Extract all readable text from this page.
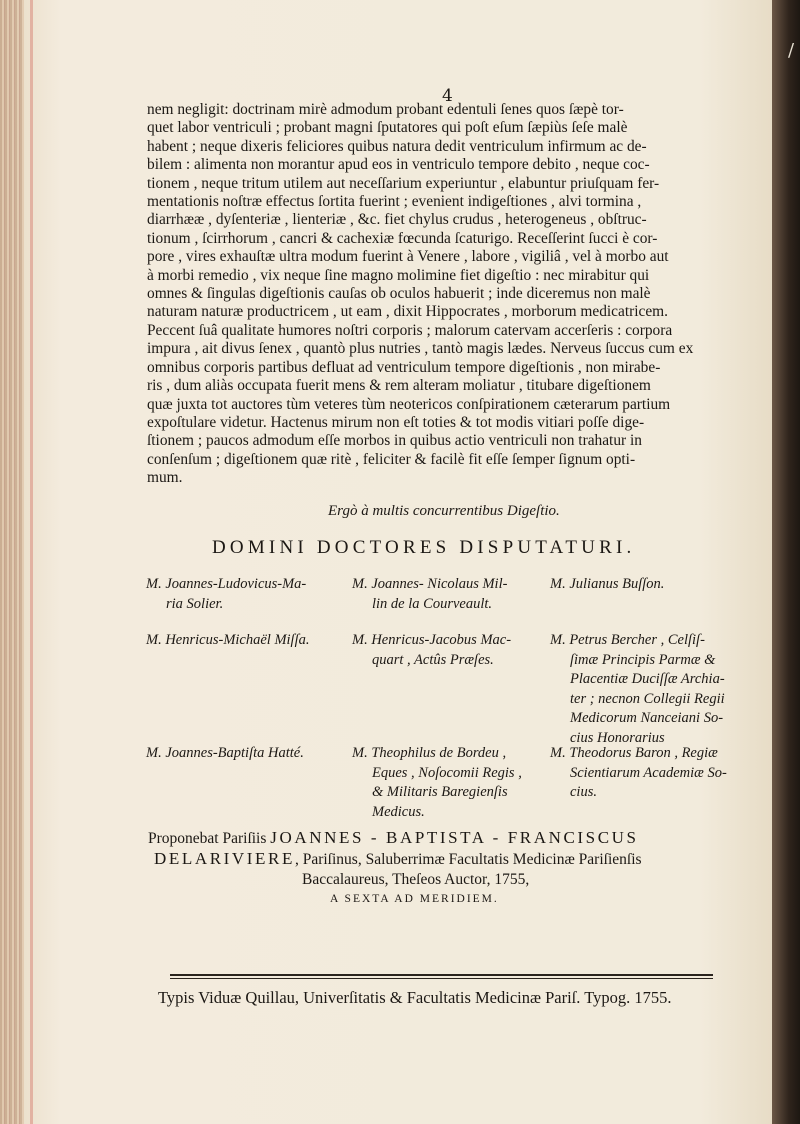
4
nem negligit: doctrinam mirè admodum probant edentuli ſenes quos ſæpè tor-
quet labor ventriculi ; probant magni ſputatores qui poſt eſum ſæpiùs ſeſe malè
habent ; neque dixeris feliciores quibus natura dedit ventriculum infirmum ac de-
bilem : alimenta non morantur apud eos in ventriculo tempore debito , neque coc-
tionem , neque tritum utilem aut neceſſarium experiuntur , elabuntur priuſquam fer-
mentationis noſtræ effectus ſortita fuerint ; evenient indigeſtiones , alvi tormina ,
diarrhææ , dyſenteriæ , lienteriæ , &c. fiet chylus crudus , heterogeneus , obſtruc-
tionum , ſcirrhorum , cancri & cachexiæ fœcunda ſcaturigo. Receſſerint ſucci è cor-
pore , vires exhauſtæ ultra modum fuerint à Venere , labore , vigiliâ , vel à morbo aut
à morbi remedio , vix neque ſine magno molimine fiet digeſtio : nec mirabitur qui
omnes & ſingulas digeſtionis cauſas ob oculos habuerit ; inde diceremus non malè
naturam naturæ productricem , ut eam , dixit Hippocrates , morborum medicatricem.
Peccent ſuâ qualitate humores noſtri corporis ; malorum catervam accerſeris : corpora
impura , ait divus ſenex , quantò plus nutries , tantò magis lædes. Nerveus ſuccus cum ex
omnibus corporis partibus defluat ad ventriculum tempore digeſtionis , non mirabe-
ris , dum aliàs occupata fuerit mens & rem alteram moliatur , titubare digeſtionem
quæ juxta tot auctores tùm veteres tùm neotericos conſpirationem cæterarum partium
expoſtulare videtur. Hactenus mirum non eſt toties & tot modis vitiari poſſe dige-
ſtionem ; paucos admodum eſſe morbos in quibus actio ventriculi non trahatur in
conſenſum ; digeſtionem quæ ritè , feliciter & facilè fit eſſe ſemper ſignum opti-
mum.
Ergò à multis concurrentibus Digeſtio.
DOMINI DOCTORES DISPUTATURI.
M. Joannes-Ludovicus-Ma-
ria Solier.
M. Joannes- Nicolaus Mil-
lin de la Courveault.
M. Julianus Buſſon.
M. Henricus-Michaël Miſſa.	M. Henricus-Jacobus Mac-
quart , Actûs Præſes.
M. Petrus Bercher , Celſiſ-
ſimæ Principis Parmæ &
Placentiæ Duciſſæ Archia-
ter ; necnon Collegii Regii
Medicorum Nanceiani So-
cius Honorarius
M. Joannes-Baptiſta Hatté.	M. Theophilus de Bordeu ,
Eques , Noſocomii Regis ,
& Militaris Baregienſis
Medicus.
M. Theodorus Baron , Regiæ
Scientiarum Academiæ So-
cius.
Proponebat Pariſiis JOANNES - BAPTISTA - FRANCISCUS
DELARIVIERE, Pariſinus, Saluberrimæ Facultatis Medicinæ Pariſienſis
Baccalaureus, Theſeos Auctor, 1755,
A SEXTA AD MERIDIEM.
Typis Viduæ Quillau, Univerſitatis & Facultatis Medicinæ Pariſ. Typog. 1755.
/
